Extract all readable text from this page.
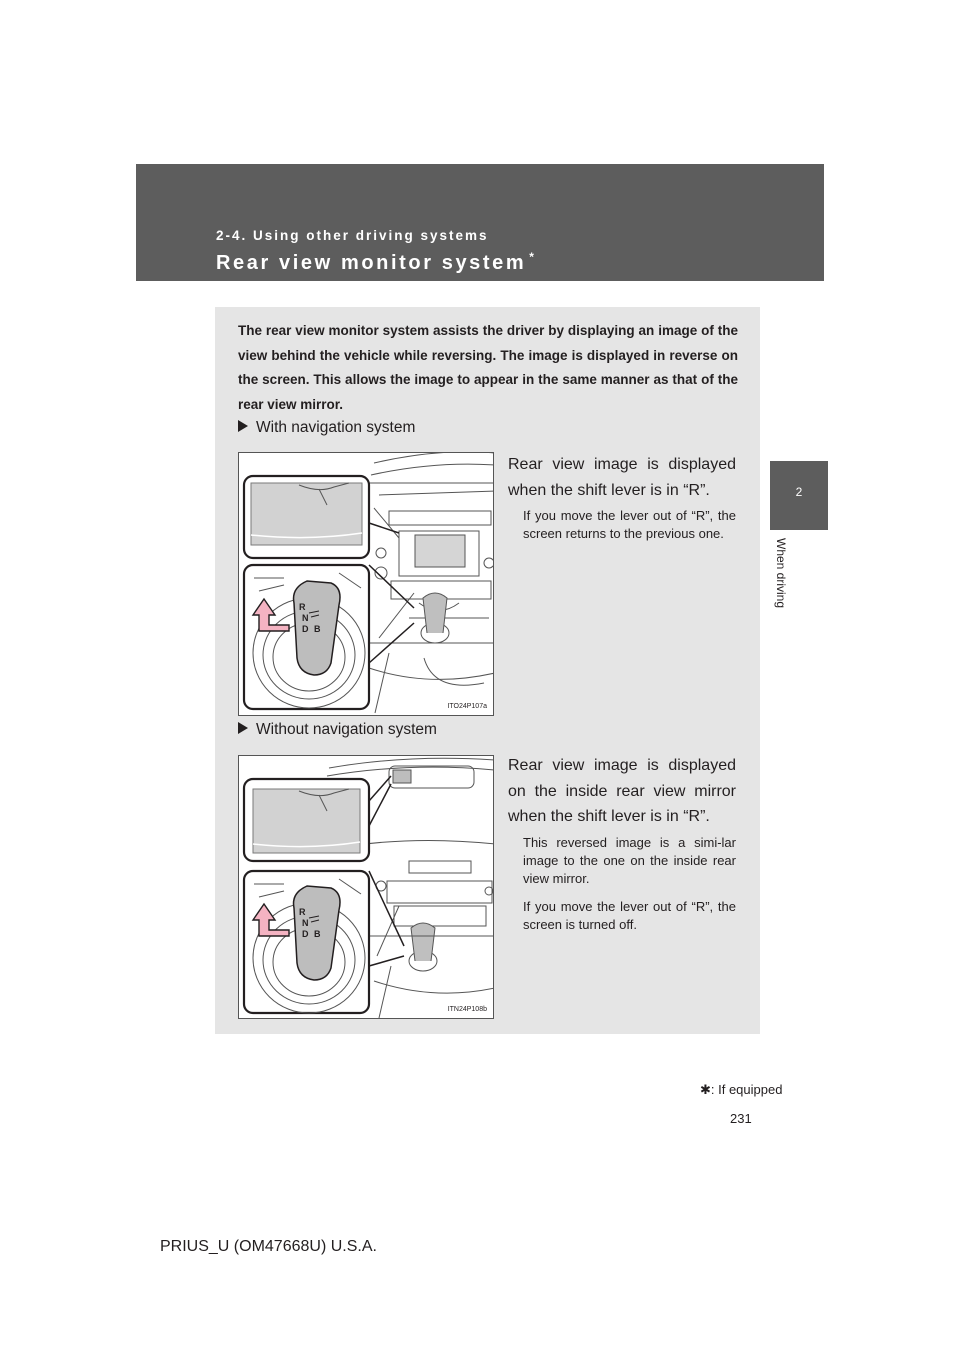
2-4. Using other driving systems
Rear view monitor system *
2
When driving
The rear view monitor system assists the driver by displaying an image of the view behind the vehicle while reversing. The image is displayed in reverse on the screen. This allows the image to appear in the same manner as that of the rear view mirror.
With navigation system
R
N
D B
ITO24P107a
Rear view image is displayed when the shift lever is in “R”.
If you move the lever out of “R”, the screen returns to the previous one.
Without navigation system
R
N
D B
ITN24P108b
Rear view image is displayed on the inside rear view mirror when the shift lever is in “R”.
This reversed image is a simi-lar image to the one on the inside rear view mirror.
If you move the lever out of “R”, the screen is turned off.
✱: If equipped
231
PRIUS_U (OM47668U) U.S.A.
